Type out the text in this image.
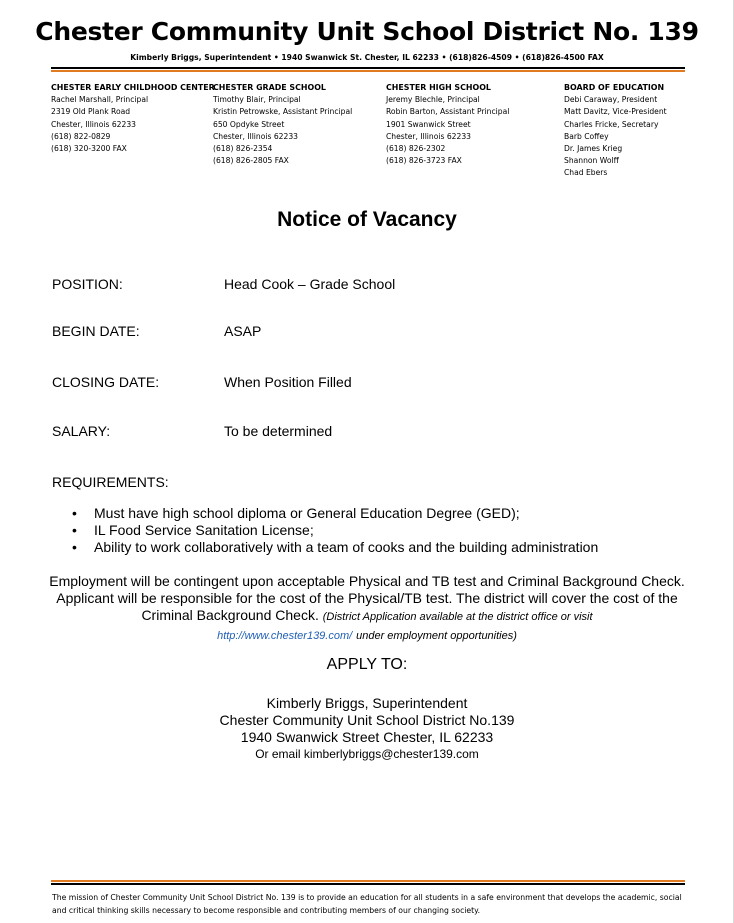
Chester Community Unit School District No. 139
Kimberly Briggs, Superintendent • 1940 Swanwick St. Chester, IL 62233 • (618)826-4509 • (618)826-4500 FAX
CHESTER EARLY CHILDHOOD CENTER
Rachel Marshall, Principal
2319 Old Plank Road
Chester, Illinois 62233
(618) 822-0829
(618) 320-3200 FAX
CHESTER GRADE SCHOOL
Timothy Blair, Principal
Kristin Petrowske, Assistant Principal
650 Opdyke Street
Chester, Illinois 62233
(618) 826-2354
(618) 826-2805 FAX
CHESTER HIGH SCHOOL
Jeremy Blechle, Principal
Robin Barton, Assistant Principal
1901 Swanwick Street
Chester, Illinois 62233
(618) 826-2302
(618) 826-3723 FAX
BOARD OF EDUCATION
Debi Caraway, President
Matt Davitz, Vice-President
Charles Fricke, Secretary
Barb Coffey
Dr. James Krieg
Shannon Wolff
Chad Ebers
Notice of Vacancy
POSITION:	Head Cook – Grade School
BEGIN DATE:	ASAP
CLOSING DATE:	When Position Filled
SALARY:	To be determined
REQUIREMENTS:
• Must have high school diploma or General Education Degree (GED);
• IL Food Service Sanitation License;
• Ability to work collaboratively with a team of cooks and the building administration
Employment will be contingent upon acceptable Physical and TB test and Criminal Background Check. Applicant will be responsible for the cost of the Physical/TB test. The district will cover the cost of the Criminal Background Check. (District Application available at the district office or visit
http://www.chester139.com/ under employment opportunities)
APPLY TO:
Kimberly Briggs, Superintendent
Chester Community Unit School District No.139
1940 Swanwick Street Chester, IL 62233
Or email kimberlybriggs@chester139.com
The mission of Chester Community Unit School District No. 139 is to provide an education for all students in a safe environment that develops the academic, social and critical thinking skills necessary to become responsible and contributing members of our changing society.
